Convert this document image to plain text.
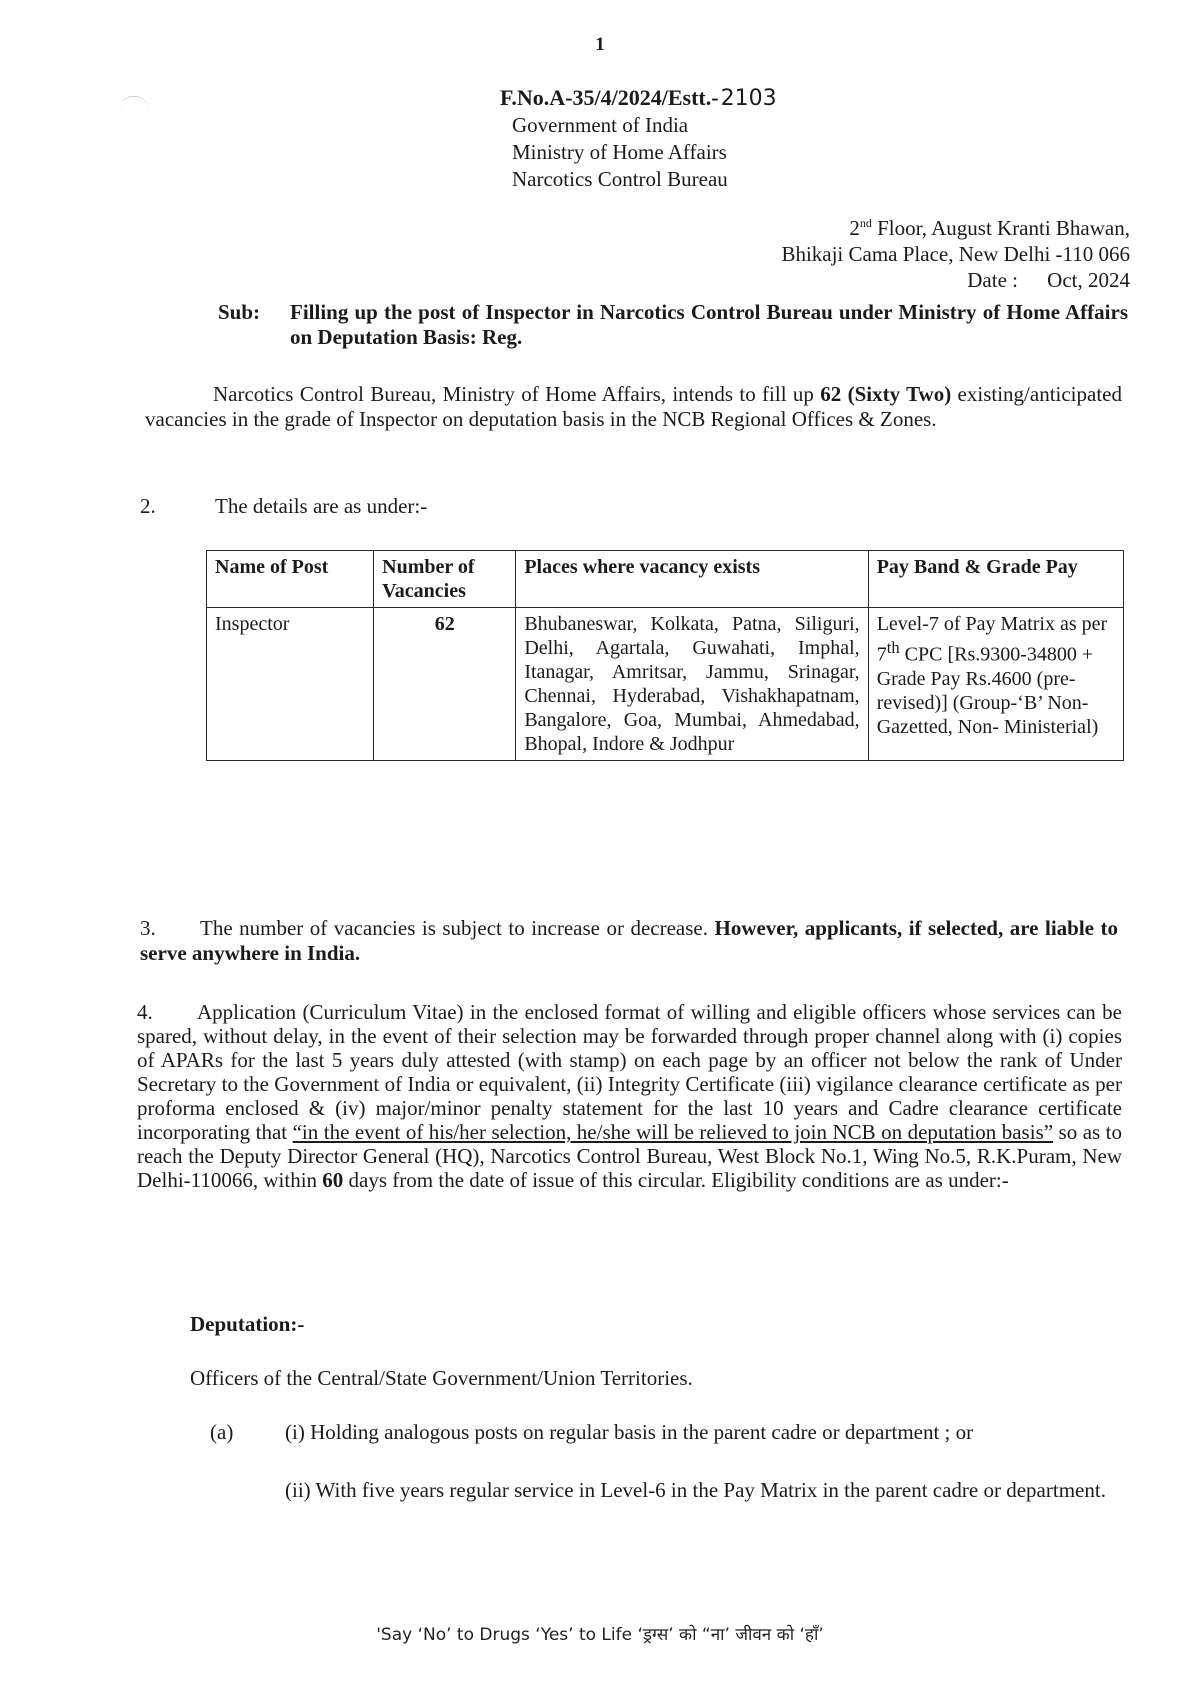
1
F.No.A-35/4/2024/Estt.-2103
Government of India
Ministry of Home Affairs
Narcotics Control Bureau
2nd Floor, August Kranti Bhawan,
Bhikaji Cama Place, New Delhi -110 066
Date : Oct, 2024
Sub: Filling up the post of Inspector in Narcotics Control Bureau under Ministry of Home Affairs on Deputation Basis: Reg.
Narcotics Control Bureau, Ministry of Home Affairs, intends to fill up 62 (Sixty Two) existing/anticipated vacancies in the grade of Inspector on deputation basis in the NCB Regional Offices & Zones.
2.	The details are as under:-
Name of Post	Number of Vacancies	Places where vacancy exists	Pay Band & Grade Pay
Inspector	62	Bhubaneswar, Kolkata, Patna, Siliguri, Delhi, Agartala, Guwahati, Imphal, Itanagar, Amritsar, Jammu, Srinagar, Chennai, Hyderabad, Vishakhapatnam, Bangalore, Goa, Mumbai, Ahmedabad, Bhopal, Indore & Jodhpur	Level-7 of Pay Matrix as per 7th CPC [Rs.9300-34800 + Grade Pay Rs.4600 (pre-revised)] (Group-‘B’ Non-Gazetted, Non- Ministerial)
3. The number of vacancies is subject to increase or decrease. However, applicants, if selected, are liable to serve anywhere in India.
4. Application (Curriculum Vitae) in the enclosed format of willing and eligible officers whose services can be spared, without delay, in the event of their selection may be forwarded through proper channel along with (i) copies of APARs for the last 5 years duly attested (with stamp) on each page by an officer not below the rank of Under Secretary to the Government of India or equivalent, (ii) Integrity Certificate (iii) vigilance clearance certificate as per proforma enclosed & (iv) major/minor penalty statement for the last 10 years and Cadre clearance certificate incorporating that “in the event of his/her selection, he/she will be relieved to join NCB on deputation basis” so as to reach the Deputy Director General (HQ), Narcotics Control Bureau, West Block No.1, Wing No.5, R.K.Puram, New Delhi-110066, within 60 days from the date of issue of this circular. Eligibility conditions are as under:-
Deputation:-
Officers of the Central/State Government/Union Territories.
(a) (i) Holding analogous posts on regular basis in the parent cadre or department ; or
(ii) With five years regular service in Level-6 in the Pay Matrix in the parent cadre or department.
'Say ‘No’ to Drugs ‘Yes’ to Life ‘ड्रग्स’ को “ना’ जीवन को ‘हाँ’
